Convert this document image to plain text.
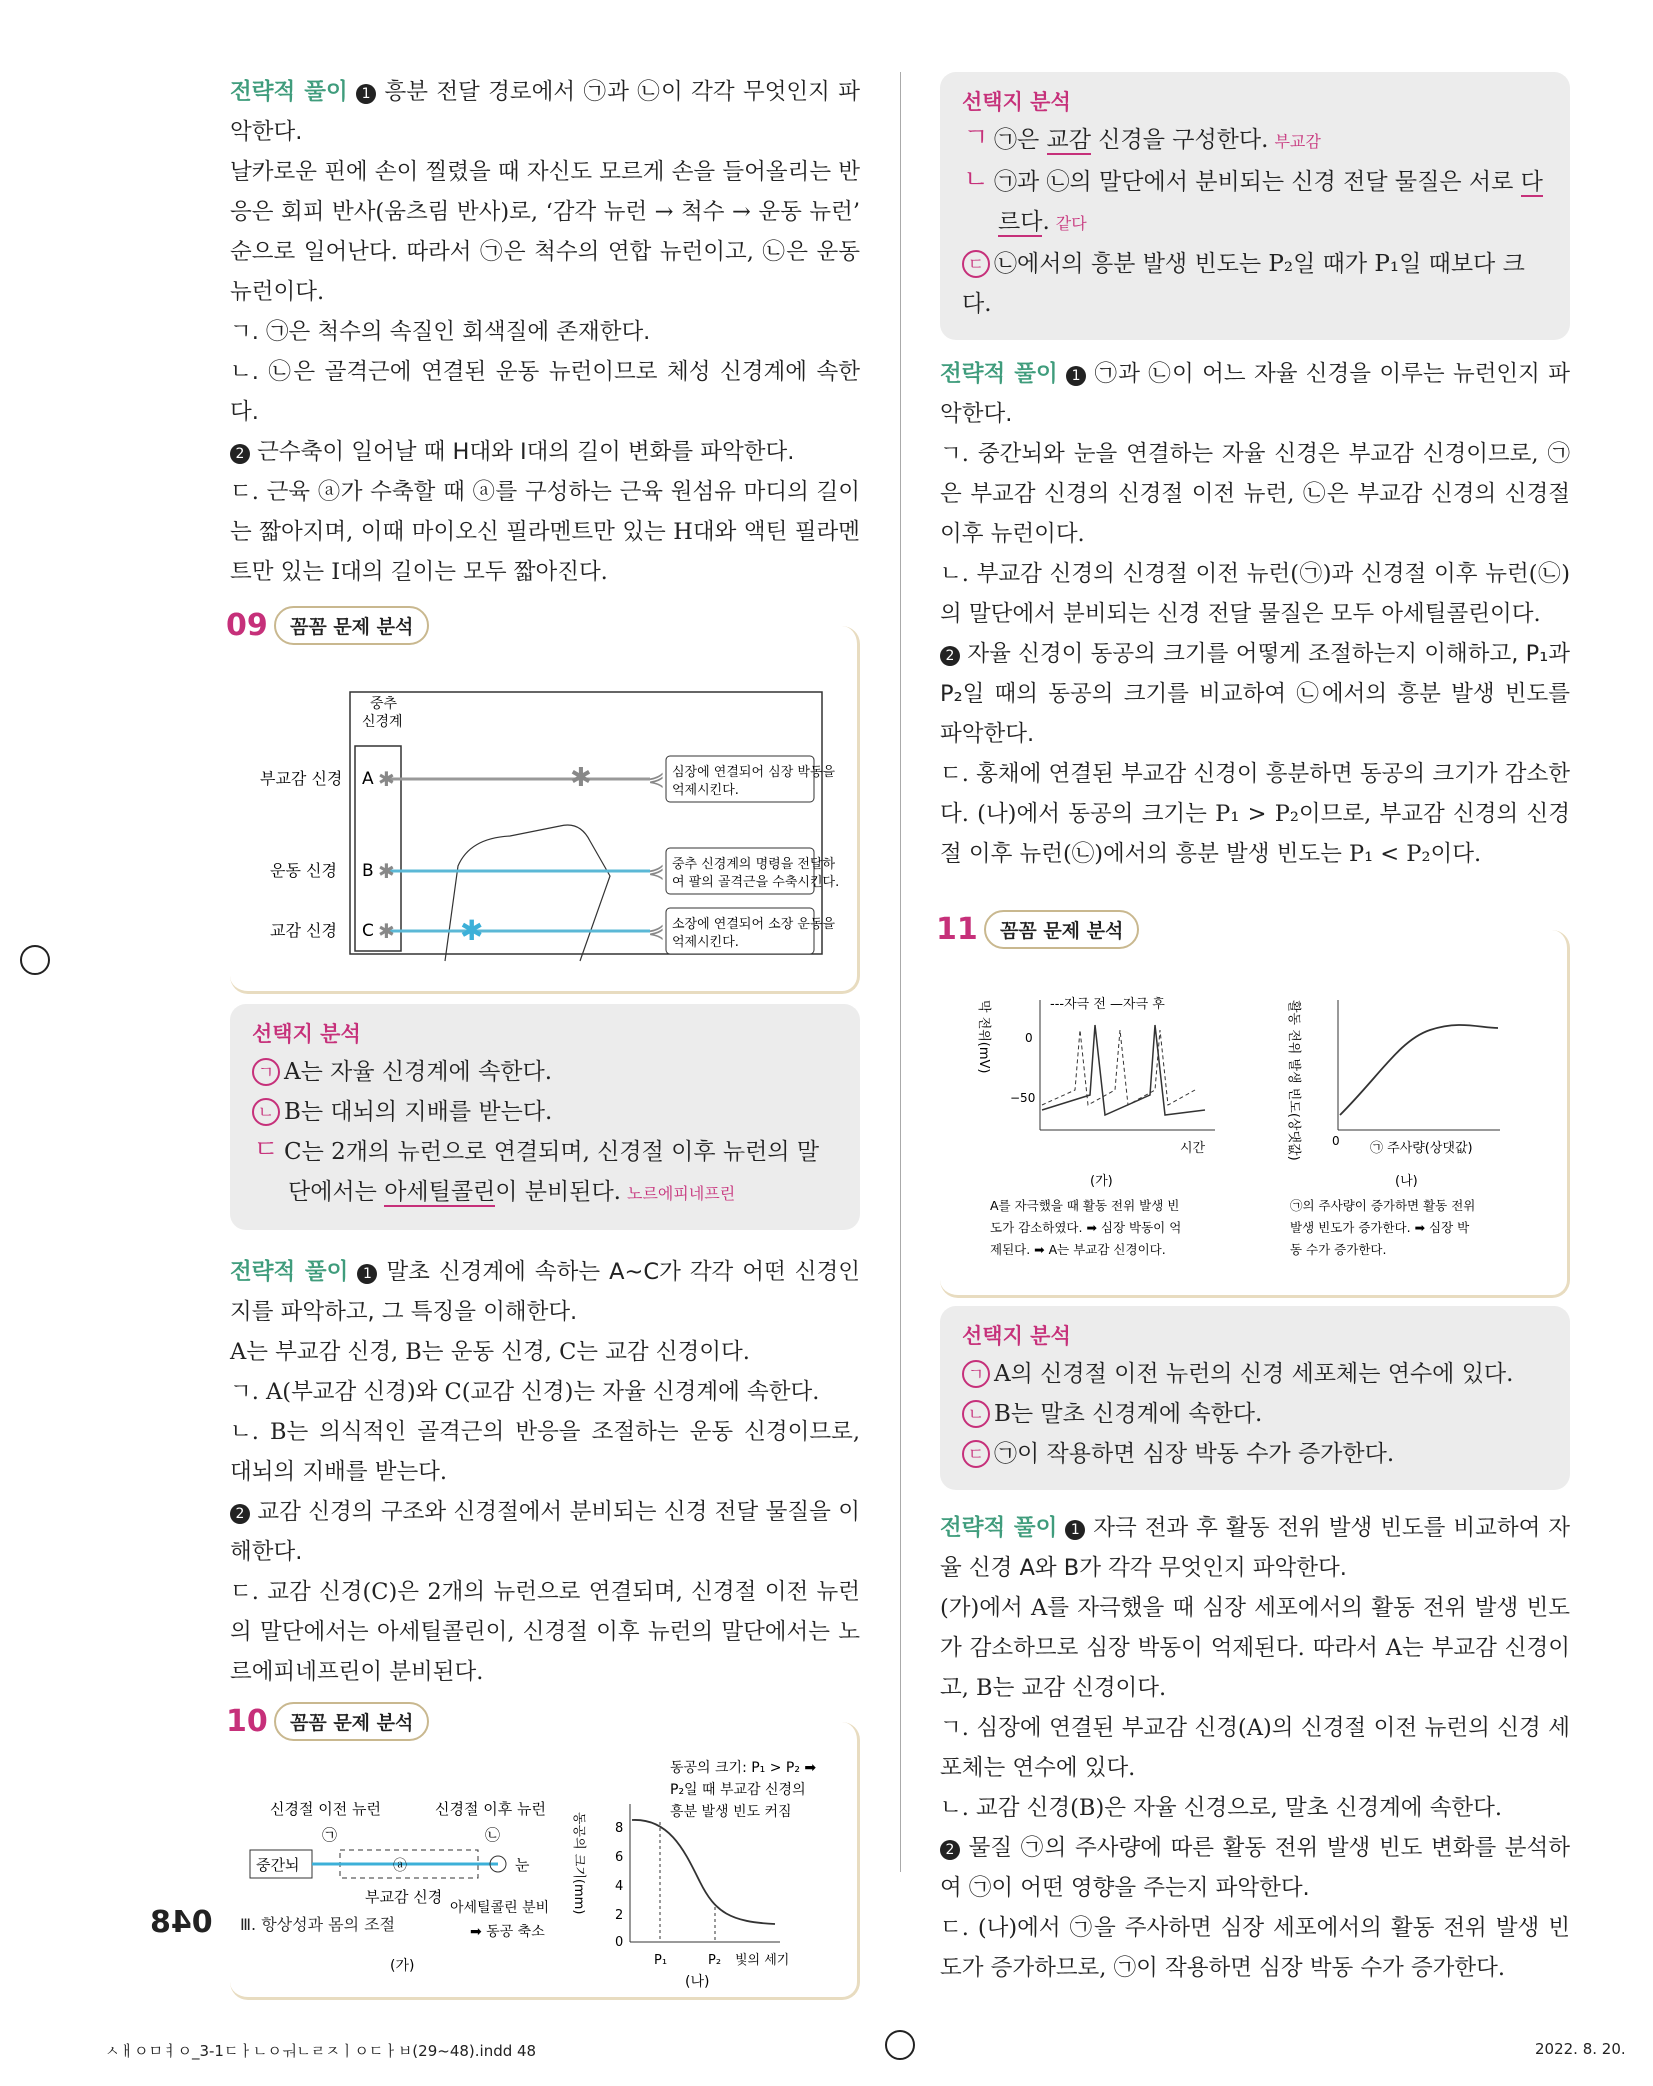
전략적 풀이 1 흥분 전달 경로에서 ㉠과 ㉡이 각각 무엇인지 파악한다.

날카로운 핀에 손이 찔렸을 때 자신도 모르게 손을 들어올리는 반응은 회피 반사(움츠림 반사)로, ‘감각 뉴런 → 척수 → 운동 뉴런’ 순으로 일어난다. 따라서 ㉠은 척수의 연합 뉴런이고, ㉡은 운동 뉴런이다.

ㄱ. ㉠은 척수의 속질인 회색질에 존재한다.

ㄴ. ㉡은 골격근에 연결된 운동 뉴런이므로 체성 신경계에 속한다.

2 근수축이 일어날 때 H대와 I대의 길이 변화를 파악한다.

ㄷ. 근육 ⓐ가 수축할 때 ⓐ를 구성하는 근육 원섬유 마디의 길이는 짧아지며, 이때 마이오신 필라멘트만 있는 H대와 액틴 필라멘트만 있는 I대의 길이는 모두 짧아진다.

09	꼼꼼 문제 분석
중추
신경계
부교감 신경 A ✱	✱	⋞ 심장에 연결되어 심장 박동을
억제시킨다.
운동 신경 B ✱	⋞ 중추 신경계의 명령을 전달하
여 팔의 골격근을 수축시킨다.
교감 신경 C ✱ ✱	⋞ 소장에 연결되어 소장 운동을
억제시킨다.
선택지 분석
ㄱ A는 자율 신경계에 속한다.
ㄴ B는 대뇌의 지배를 받는다.
ㄷ C는 2개의 뉴런으로 연결되며, 신경절 이후 뉴런의 말
단에서는 아세틸콜린이 분비된다. 노르에피네프린

전략적 풀이 1 말초 신경계에 속하는 A~C가 각각 어떤 신경인지를 파악하고, 그 특징을 이해한다.

A는 부교감 신경, B는 운동 신경, C는 교감 신경이다.

ㄱ. A(부교감 신경)와 C(교감 신경)는 자율 신경계에 속한다.

ㄴ. B는 의식적인 골격근의 반응을 조절하는 운동 신경이므로, 대뇌의 지배를 받는다.

2 교감 신경의 구조와 신경절에서 분비되는 신경 전달 물질을 이해한다.

ㄷ. 교감 신경(C)은 2개의 뉴런으로 연결되며, 신경절 이전 뉴런의 말단에서는 아세틸콜린이, 신경절 이후 뉴런의 말단에서는 노르에피네프린이 분비된다.

10	꼼꼼 문제 분석
신경절 이전 뉴런	신경절 이후 뉴런
㉠	㉡
중간뇌	ⓐ	눈
부교감 신경
아세틸콜린 분비
➡ 동공 축소
(가)
동공의 크기: P₁ > P₂ ➡
P₂일 때 부교감 신경의
흥분 발생 빈도 커짐
동공의 크기(mm) 8
6
4
2
0
P₁	P₂ 빛의 세기
(나)
선택지 분석
ㄱ ㉠은 교감 신경을 구성한다. 부교감
ㄴ ㉠과 ㉡의 말단에서 분비되는 신경 전달 물질은 서로 다
르다. 같다
ㄷ ㉡에서의 흥분 발생 빈도는 P₂일 때가 P₁일 때보다 크다.

전략적 풀이 1 ㉠과 ㉡이 어느 자율 신경을 이루는 뉴런인지 파악한다.

ㄱ. 중간뇌와 눈을 연결하는 자율 신경은 부교감 신경이므로, ㉠은 부교감 신경의 신경절 이전 뉴런, ㉡은 부교감 신경의 신경절 이후 뉴런이다.

ㄴ. 부교감 신경의 신경절 이전 뉴런(㉠)과 신경절 이후 뉴런(㉡)의 말단에서 분비되는 신경 전달 물질은 모두 아세틸콜린이다.

2 자율 신경이 동공의 크기를 어떻게 조절하는지 이해하고, P₁과 P₂일 때의 동공의 크기를 비교하여 ㉡에서의 흥분 발생 빈도를 파악한다.

ㄷ. 홍채에 연결된 부교감 신경이 흥분하면 동공의 크기가 감소한다. (나)에서 동공의 크기는 P₁ > P₂이므로, 부교감 신경의 신경절 이후 뉴런(㉡)에서의 흥분 발생 빈도는 P₁ < P₂이다.

11	꼼꼼 문제 분석
막 전위(mV)	---자극 전 —자극 후
0
−50
시간
(가)
A를 자극했을 때 활동 전위 발생 빈
도가 감소하였다. ➡ 심장 박동이 억
제된다. ➡ A는 부교감 신경이다.
활동 전위 발생 빈도(상댓값)	0 ㉠ 주사량(상댓값)
(나)
㉠의 주사량이 증가하면 활동 전위
발생 빈도가 증가한다. ➡ 심장 박
동 수가 증가한다.
선택지 분석
ㄱ A의 신경절 이전 뉴런의 신경 세포체는 연수에 있다.
ㄴ B는 말초 신경계에 속한다.
ㄷ ㉠이 작용하면 심장 박동 수가 증가한다.

전략적 풀이 1 자극 전과 후 활동 전위 발생 빈도를 비교하여 자율 신경 A와 B가 각각 무엇인지 파악한다.

(가)에서 A를 자극했을 때 심장 세포에서의 활동 전위 발생 빈도가 감소하므로 심장 박동이 억제된다. 따라서 A는 부교감 신경이고, B는 교감 신경이다.

ㄱ. 심장에 연결된 부교감 신경(A)의 신경절 이전 뉴런의 신경 세포체는 연수에 있다.

ㄴ. 교감 신경(B)은 자율 신경으로, 말초 신경계에 속한다.

2 물질 ㉠의 주사량에 따른 활동 전위 발생 빈도 변화를 분석하여 ㉠이 어떤 영향을 주는지 파악한다.

ㄷ. (나)에서 ㉠을 주사하면 심장 세포에서의 활동 전위 발생 빈도가 증가하므로, ㉠이 작용하면 심장 박동 수가 증가한다.

048 Ⅲ. 항상성과 몸의 조절
ㅅㅐㅇㅁㅕㅇ_3-1ㄷㅏㄴㅇㅝㄴㄹㅈㅣㅇㄷㅏㅂ(29~48).indd 48	2022. 8. 20.
